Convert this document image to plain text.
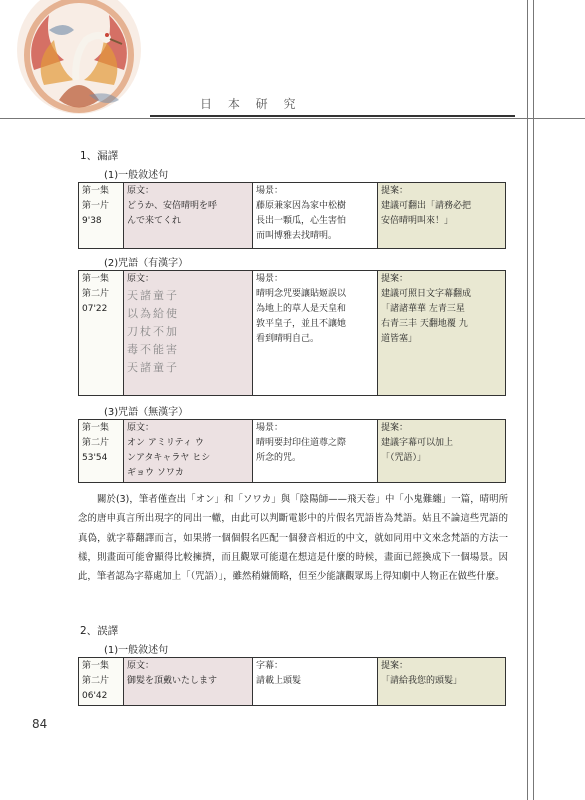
日 本 研 究
1、漏譯
(1)一般敘述句
第一集
第一片
9'38

原文：
どうか、安倍晴明を呼
んで来てくれ

場景：
藤原兼家因為家中松樹
長出一顆瓜，心生害怕
而叫博雅去找晴明。

提案：
建議可翻出「請務必把
安倍晴明叫來！」
(2)咒語（有漢字）
第一集
第二片
07'22

原文：
天諸童子
以為給使
刀杖不加
毒不能害
天諸童子

場景：
晴明念咒要讓貼姬誤以
為地上的草人是天皇和
敦平皇子，並且不讓她
看到晴明自己。

提案：
建議可照日文字幕翻成
「諸諸華華 左青三星
右青三丰 天翻地覆 九
道皆塞」
(3)咒語（無漢字）
第一集
第二片
53'54

原文：
オン アミリティ ウ
ンアタキャラヤ ヒシ
ギョウ ソワカ

場景：
晴明要封印住道尊之際
所念的咒。

提案：
建議字幕可以加上
「（咒語）」
關於(3)，筆者僅查出「オン」和「ソワカ」與「陰陽師——飛天卷」中「小鬼難纏」一篇，晴明所念的唐申真言所出現字的同出一轍，由此可以判斷電影中的片假名咒語皆為梵語。姑且不論這些咒語的真偽，就字幕翻譯而言，如果將一個個假名匹配一個發音相近的中文，就如同用中文來念梵語的方法一樣，則畫面可能會顯得比較擁擠，而且觀眾可能還在想這是什麼的時候，畫面已經換成下一個場景。因此，筆者認為字幕處加上「（咒語）」，雖然稍嫌簡略，但至少能讓觀眾馬上得知劇中人物正在做些什麼。
2、誤譯
(1)一般敘述句
第一集
第二片
06'42

原文：
御髪を頂戴いたします

字幕：
請載上頭髮

提案：
「請給我您的頭髮」
84
